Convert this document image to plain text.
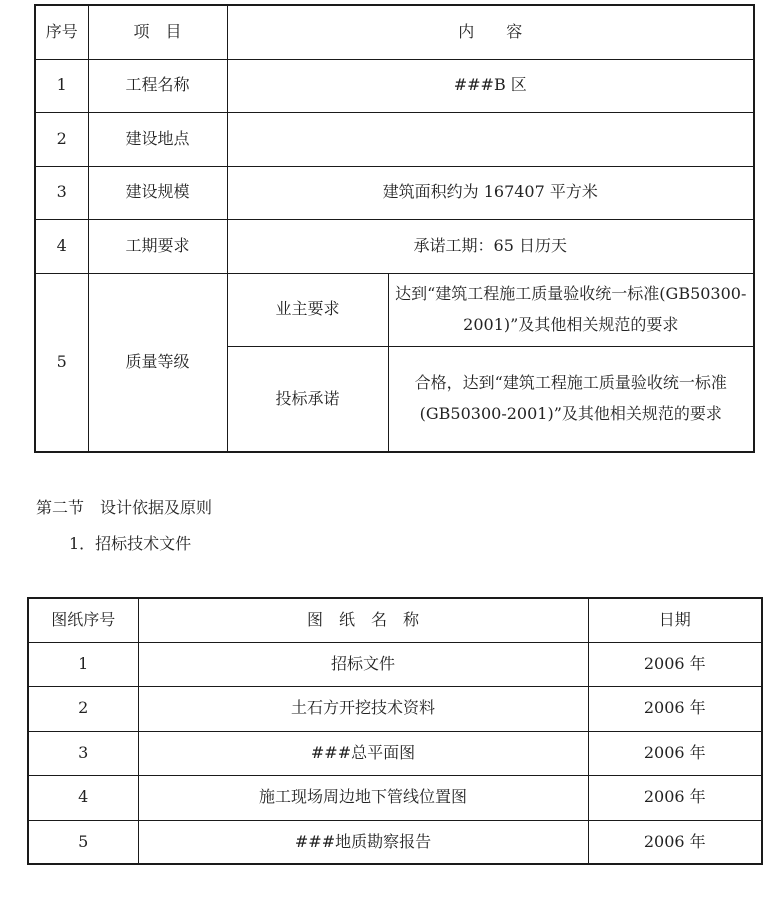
序号	项　目	内　　容	
1	工程名称	###B 区	
2	建设地点		
3	建设规模	建筑面积约为 167407 平方米	
4	工期要求	承诺工期：65 日历天	
5	质量等级	业主要求	达到“建筑工程施工质量验收统一标准(GB50300-2001)”及其他相关规范的要求
		投标承诺	合格，达到“建筑工程施工质量验收统一标准(GB50300-2001)”及其他相关规范的要求
第二节　设计依据及原则
1．招标技术文件
图纸序号	图　纸　名　称	日期
1	招标文件	2006 年
2	土石方开挖技术资料	2006 年
3	###总平面图	2006 年
4	施工现场周边地下管线位置图	2006 年
5	###地质勘察报告	2006 年
